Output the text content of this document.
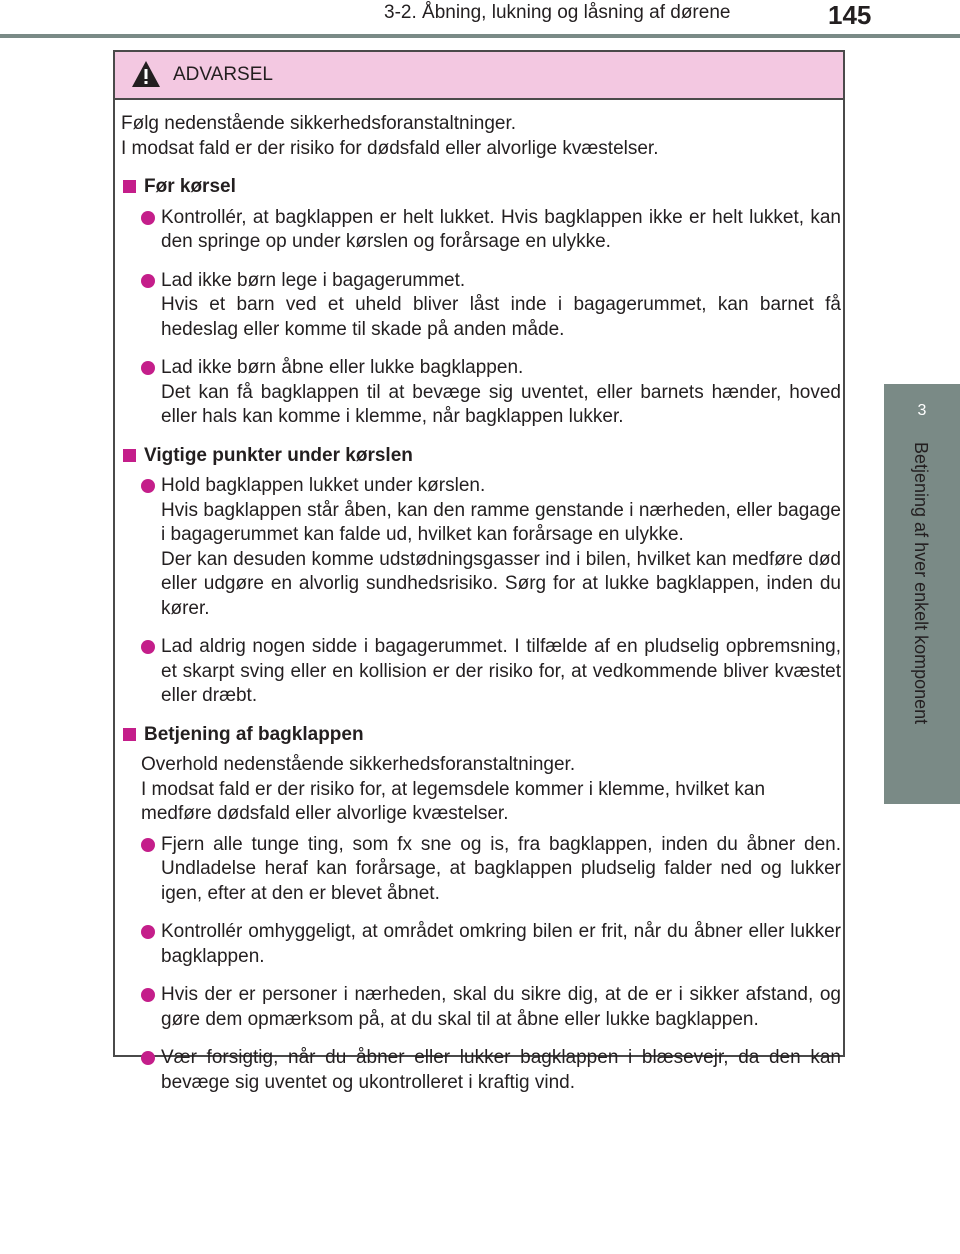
3-2. Åbning, lukning og låsning af dørene	145
3
Betjening af hver enkelt komponent
ADVARSEL

Følg nedenstående sikkerhedsforanstaltninger.
I modsat fald er der risiko for dødsfald eller alvorlige kvæstelser.

Før kørsel
Kontrollér, at bagklappen er helt lukket. Hvis bagklappen ikke er helt lukket, kan den springe op under kørslen og forårsage en ulykke.
Lad ikke børn lege i bagagerummet.
Hvis et barn ved et uheld bliver låst inde i bagagerummet, kan barnet få hedeslag eller komme til skade på anden måde.
Lad ikke børn åbne eller lukke bagklappen.
Det kan få bagklappen til at bevæge sig uventet, eller barnets hænder, hoved eller hals kan komme i klemme, når bagklappen lukker.
Vigtige punkter under kørslen
Hold bagklappen lukket under kørslen.
Hvis bagklappen står åben, kan den ramme genstande i nærheden, eller bagage i bagagerummet kan falde ud, hvilket kan forårsage en ulykke.
Der kan desuden komme udstødningsgasser ind i bilen, hvilket kan medføre død eller udgøre en alvorlig sundhedsrisiko. Sørg for at lukke bagklappen, inden du kører.
Lad aldrig nogen sidde i bagagerummet. I tilfælde af en pludselig opbremsning, et skarpt sving eller en kollision er der risiko for, at vedkommende bliver kvæstet eller dræbt.
Betjening af bagklappen
Overhold nedenstående sikkerhedsforanstaltninger.
I modsat fald er der risiko for, at legemsdele kommer i klemme, hvilket kan medføre dødsfald eller alvorlige kvæstelser.
Fjern alle tunge ting, som fx sne og is, fra bagklappen, inden du åbner den. Undladelse heraf kan forårsage, at bagklappen pludselig falder ned og lukker igen, efter at den er blevet åbnet.
Kontrollér omhyggeligt, at området omkring bilen er frit, når du åbner eller lukker bagklappen.
Hvis der er personer i nærheden, skal du sikre dig, at de er i sikker afstand, og gøre dem opmærksom på, at du skal til at åbne eller lukke bagklappen.
Vær forsigtig, når du åbner eller lukker bagklappen i blæsevejr, da den kan bevæge sig uventet og ukontrolleret i kraftig vind.
